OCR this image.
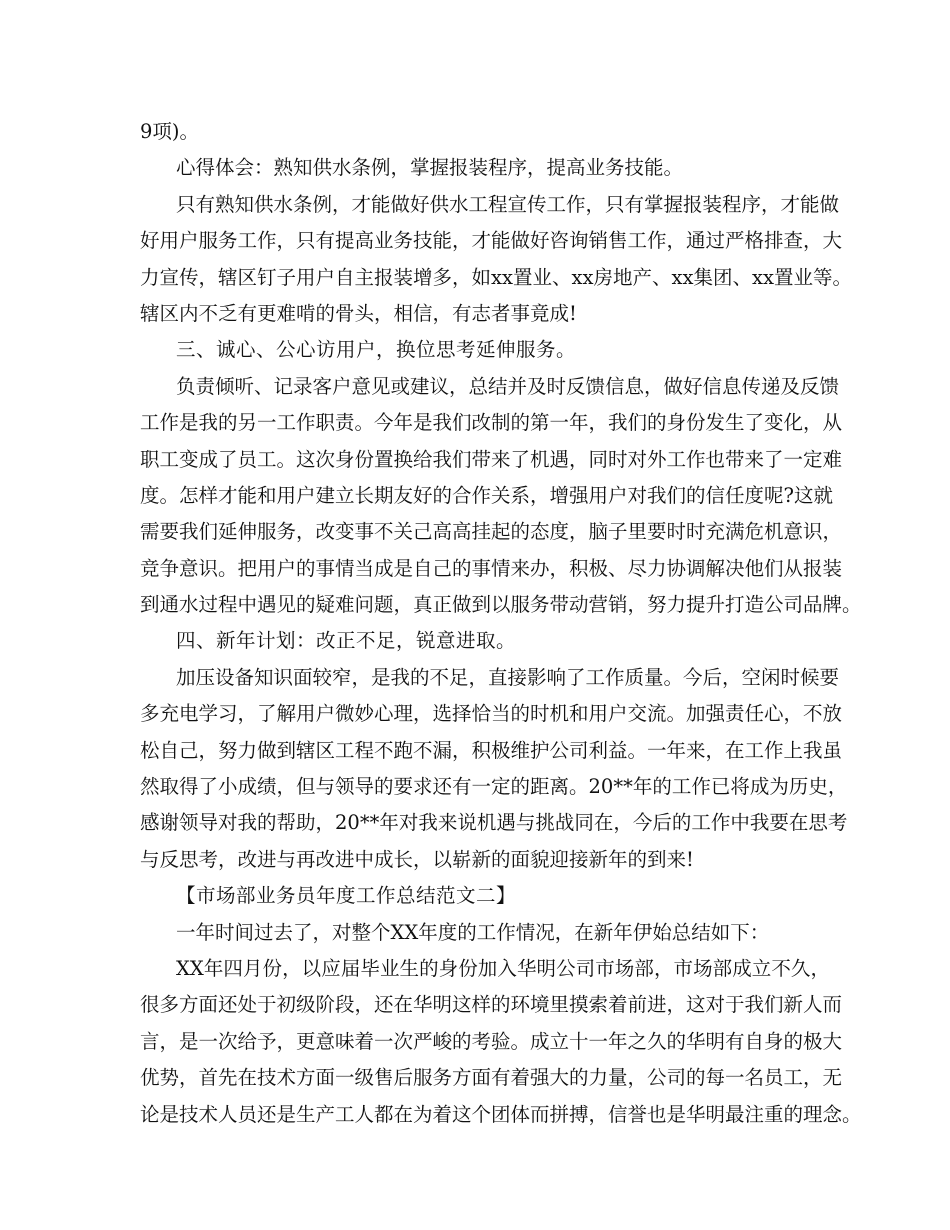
9项)。
心得体会：熟知供水条例，掌握报装程序，提高业务技能。
只有熟知供水条例，才能做好供水工程宣传工作，只有掌握报装程序，才能做
好用户服务工作，只有提高业务技能，才能做好咨询销售工作，通过严格排查，大
力宣传，辖区钉子用户自主报装增多，如xx置业、xx房地产、xx集团、xx置业等。
辖区内不乏有更难啃的骨头，相信，有志者事竟成!
三、诚心、公心访用户，换位思考延伸服务。
负责倾听、记录客户意见或建议，总结并及时反馈信息，做好信息传递及反馈
工作是我的另一工作职责。今年是我们改制的第一年，我们的身份发生了变化，从
职工变成了员工。这次身份置换给我们带来了机遇，同时对外工作也带来了一定难
度。怎样才能和用户建立长期友好的合作关系，增强用户对我们的信任度呢?这就
需要我们延伸服务，改变事不关己高高挂起的态度，脑子里要时时充满危机意识，
竞争意识。把用户的事情当成是自己的事情来办，积极、尽力协调解决他们从报装
到通水过程中遇见的疑难问题，真正做到以服务带动营销，努力提升打造公司品牌。
四、新年计划：改正不足，锐意进取。
加压设备知识面较窄，是我的不足，直接影响了工作质量。今后，空闲时候要
多充电学习，了解用户微妙心理，选择恰当的时机和用户交流。加强责任心，不放
松自己，努力做到辖区工程不跑不漏，积极维护公司利益。一年来，在工作上我虽
然取得了小成绩，但与领导的要求还有一定的距离。20**年的工作已将成为历史，
感谢领导对我的帮助，20**年对我来说机遇与挑战同在，今后的工作中我要在思考
与反思考，改进与再改进中成长，以崭新的面貌迎接新年的到来!
【市场部业务员年度工作总结范文二】
一年时间过去了，对整个XX年度的工作情况，在新年伊始总结如下：
XX年四月份，以应届毕业生的身份加入华明公司市场部，市场部成立不久，
很多方面还处于初级阶段，还在华明这样的环境里摸索着前进，这对于我们新人而
言，是一次给予，更意味着一次严峻的考验。成立十一年之久的华明有自身的极大
优势，首先在技术方面一级售后服务方面有着强大的力量，公司的每一名员工，无
论是技术人员还是生产工人都在为着这个团体而拼搏，信誉也是华明最注重的理念。
